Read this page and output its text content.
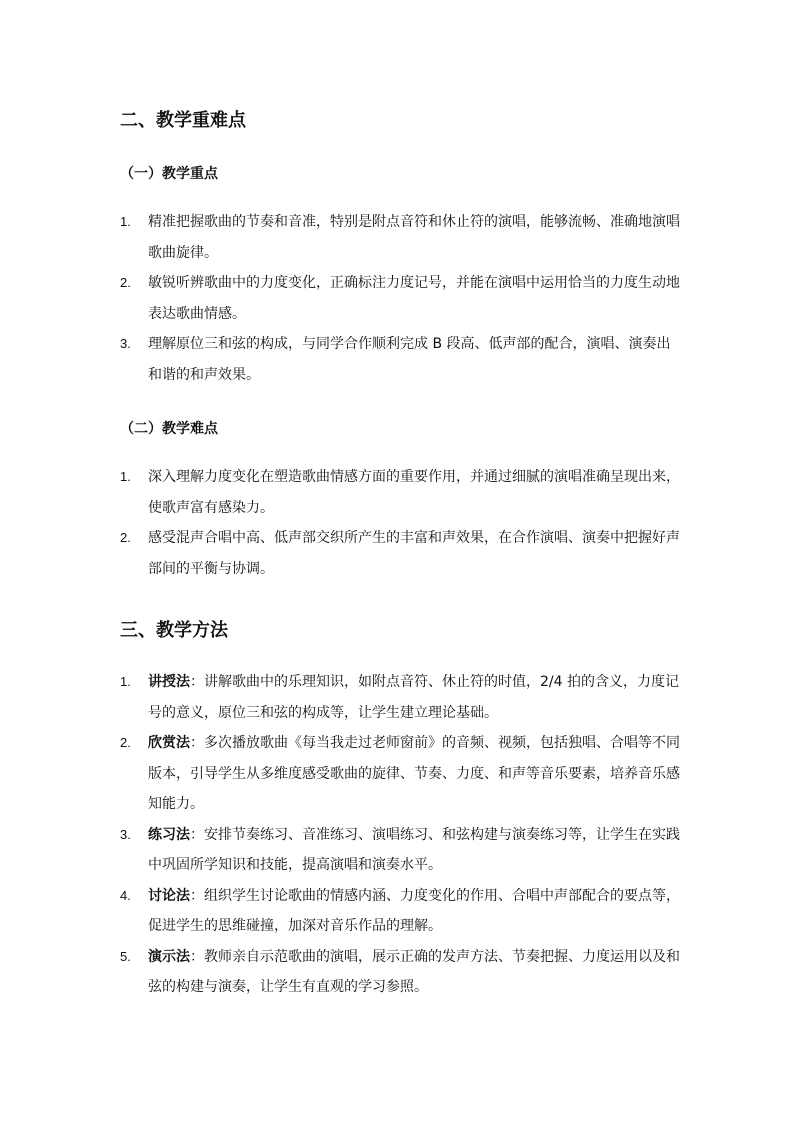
二、教学重难点
（一）教学重点
1. 精准把握歌曲的节奏和音准，特别是附点音符和休止符的演唱，能够流畅、准确地演唱歌曲旋律。
2. 敏锐听辨歌曲中的力度变化，正确标注力度记号，并能在演唱中运用恰当的力度生动地表达歌曲情感。
3. 理解原位三和弦的构成，与同学合作顺利完成 B 段高、低声部的配合，演唱、演奏出和谐的和声效果。
（二）教学难点
1. 深入理解力度变化在塑造歌曲情感方面的重要作用，并通过细腻的演唱准确呈现出来，使歌声富有感染力。
2. 感受混声合唱中高、低声部交织所产生的丰富和声效果，在合作演唱、演奏中把握好声部间的平衡与协调。
三、教学方法
1. 讲授法：讲解歌曲中的乐理知识，如附点音符、休止符的时值，2/4 拍的含义，力度记号的意义，原位三和弦的构成等，让学生建立理论基础。
2. 欣赏法：多次播放歌曲《每当我走过老师窗前》的音频、视频，包括独唱、合唱等不同版本，引导学生从多维度感受歌曲的旋律、节奏、力度、和声等音乐要素，培养音乐感知能力。
3. 练习法：安排节奏练习、音准练习、演唱练习、和弦构建与演奏练习等，让学生在实践中巩固所学知识和技能，提高演唱和演奏水平。
4. 讨论法：组织学生讨论歌曲的情感内涵、力度变化的作用、合唱中声部配合的要点等，促进学生的思维碰撞，加深对音乐作品的理解。
5. 演示法：教师亲自示范歌曲的演唱，展示正确的发声方法、节奏把握、力度运用以及和弦的构建与演奏，让学生有直观的学习参照。
